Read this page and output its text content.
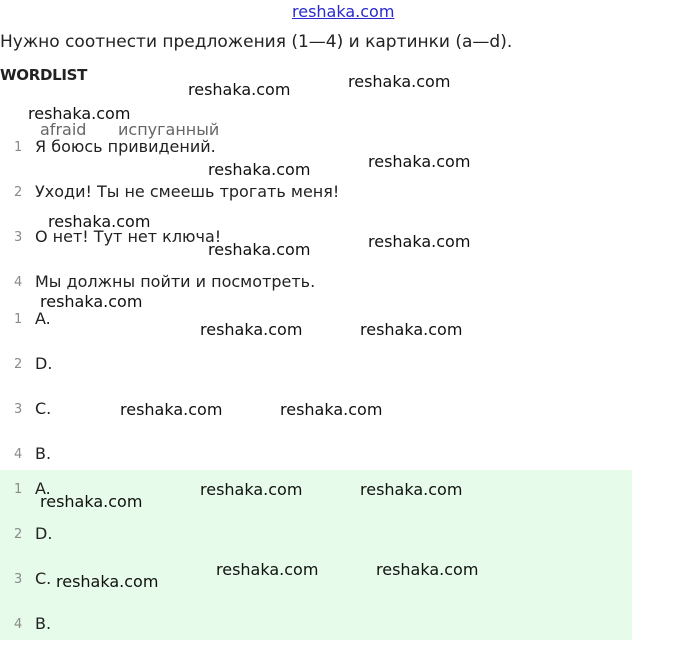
reshaka.com
Нужно соотнести предложения (1—4) и картинки (a—d).
WORDLIST
afraid испуганный
1 Я боюсь привидений.
2 Уходи! Ты не смеешь трогать меня!
3 О нет! Тут нет ключа!
4 Мы должны пойти и посмотреть.
1 A.
2 D.
3 C.
4 B.
1 A.
2 D.
3 C.
4 B.
reshaka.com	reshaka.com
reshaka.com
reshaka.com	reshaka.com
reshaka.com
reshaka.com	reshaka.com
reshaka.com
reshaka.com	reshaka.com
reshaka.com	reshaka.com
reshaka.com	reshaka.com
reshaka.com
reshaka.com	reshaka.com
reshaka.com
